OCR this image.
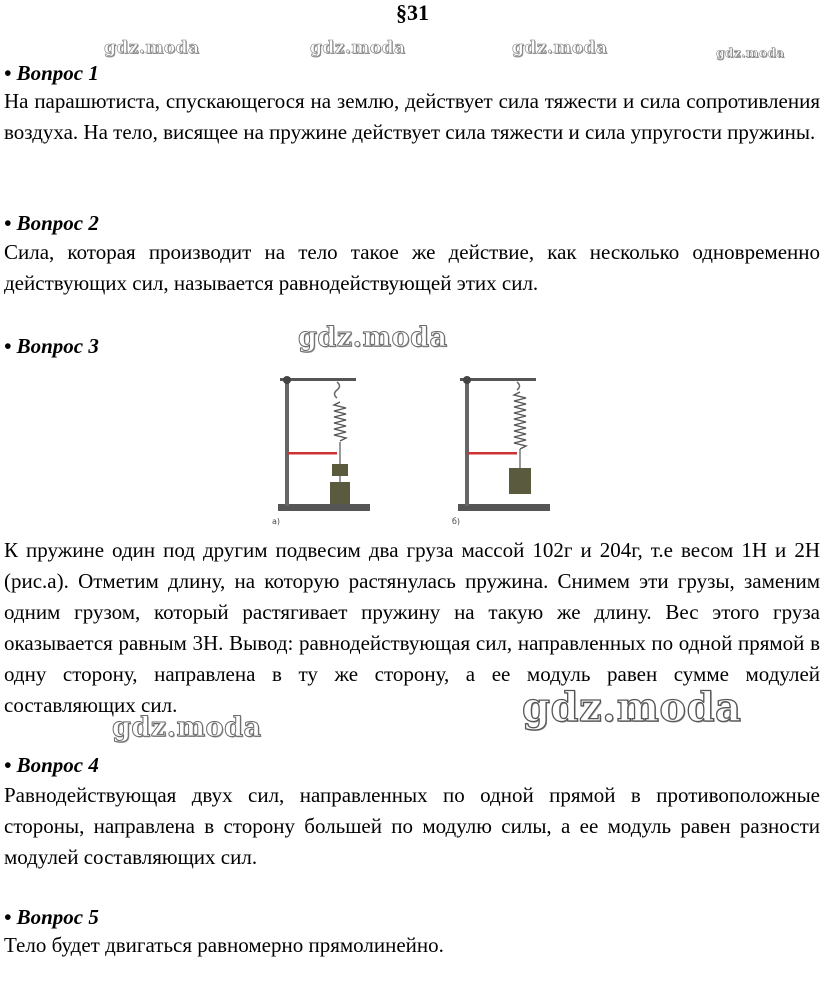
§31
gdz.moda	gdz.moda	gdz.moda	gdz.moda
• Вопрос 1
На парашютиста, спускающегося на землю, действует сила тяжести и сила сопротивления воздуха. На тело, висящее на пружине действует сила тяжести и сила упругости пружины.
• Вопрос 2
Сила, которая производит на тело такое же действие, как несколько одновременно действующих сил, называется равнодействующей этих сил.
• Вопрос 3	gdz.moda
а)	б)
К пружине один под другим подвесим два груза массой 102г и 204г, т.е весом 1Н и 2Н (рис.а). Отметим длину, на которую растянулась пружина. Снимем эти грузы, заменим одним грузом, который растягивает пружину на такую же длину. Вес этого груза оказывается равным 3Н. Вывод: равнодействующая сил, направленных по одной прямой в одну сторону, направлена в ту же сторону, а ее модуль равен сумме модулей составляющих сил.
gdz.moda	gdz.moda
• Вопрос 4
Равнодействующая двух сил, направленных по одной прямой в противоположные стороны, направлена в сторону большей по модулю силы, а ее модуль равен разности модулей составляющих сил.
• Вопрос 5
Тело будет двигаться равномерно прямолинейно.
